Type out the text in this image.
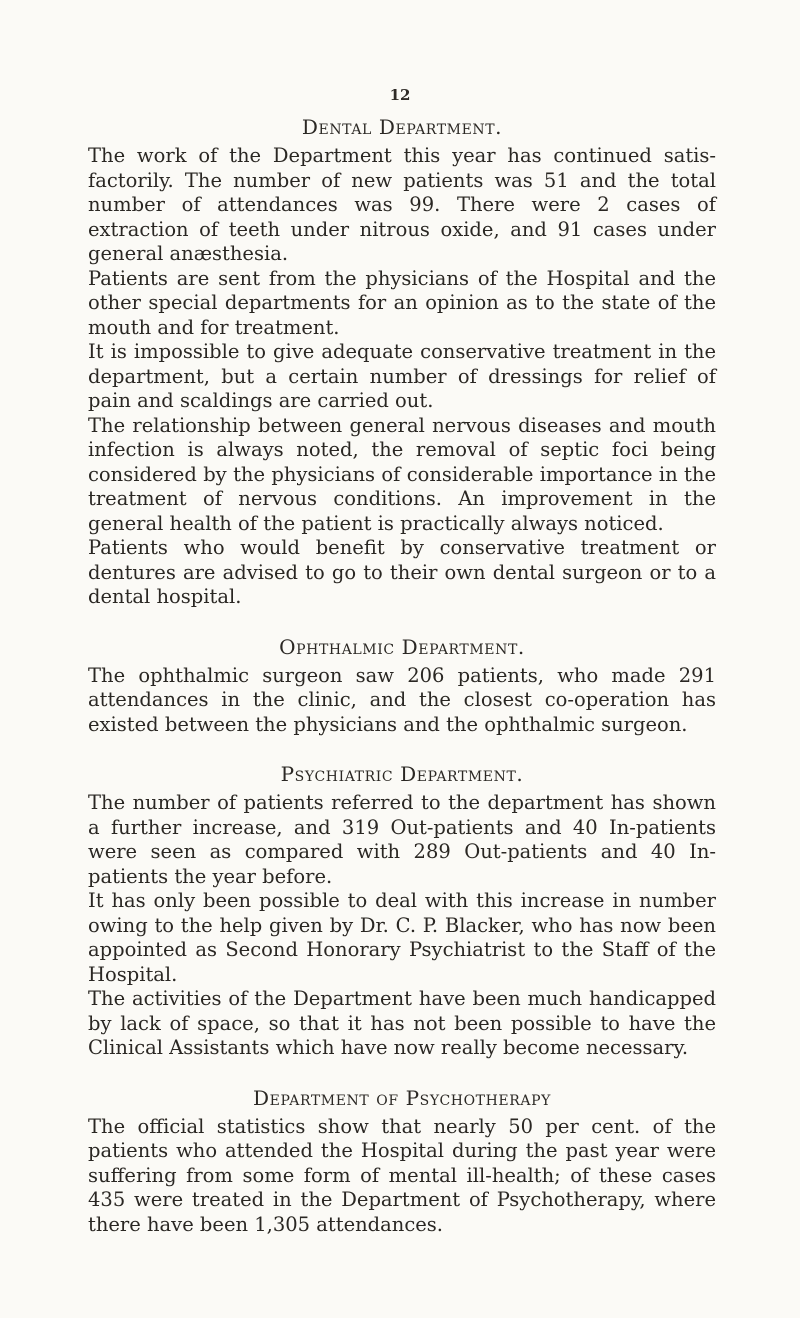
12
Dental Department.

The work of the Department this year has continued satis-factorily. The number of new patients was 51 and the total number of attendances was 99. There were 2 cases of extraction of teeth under nitrous oxide, and 91 cases under general anæsthesia.

Patients are sent from the physicians of the Hospital and the other special departments for an opinion as to the state of the mouth and for treatment.

It is impossible to give adequate conservative treatment in the department, but a certain number of dressings for relief of pain and scaldings are carried out.

The relationship between general nervous diseases and mouth infection is always noted, the removal of septic foci being considered by the physicians of considerable importance in the treatment of nervous conditions. An improvement in the general health of the patient is practically always noticed.

Patients who would benefit by conservative treatment or dentures are advised to go to their own dental surgeon or to a dental hospital.

Ophthalmic Department.

The ophthalmic surgeon saw 206 patients, who made 291 attendances in the clinic, and the closest co-operation has existed between the physicians and the ophthalmic surgeon.

Psychiatric Department.

The number of patients referred to the department has shown a further increase, and 319 Out-patients and 40 In-patients were seen as compared with 289 Out-patients and 40 In-patients the year before.

It has only been possible to deal with this increase in number owing to the help given by Dr. C. P. Blacker, who has now been appointed as Second Honorary Psychiatrist to the Staff of the Hospital.

The activities of the Department have been much handicapped by lack of space, so that it has not been possible to have the Clinical Assistants which have now really become necessary.

Department of Psychotherapy

The official statistics show that nearly 50 per cent. of the patients who attended the Hospital during the past year were suffering from some form of mental ill-health; of these cases 435 were treated in the Department of Psychotherapy, where there have been 1,305 attendances.
